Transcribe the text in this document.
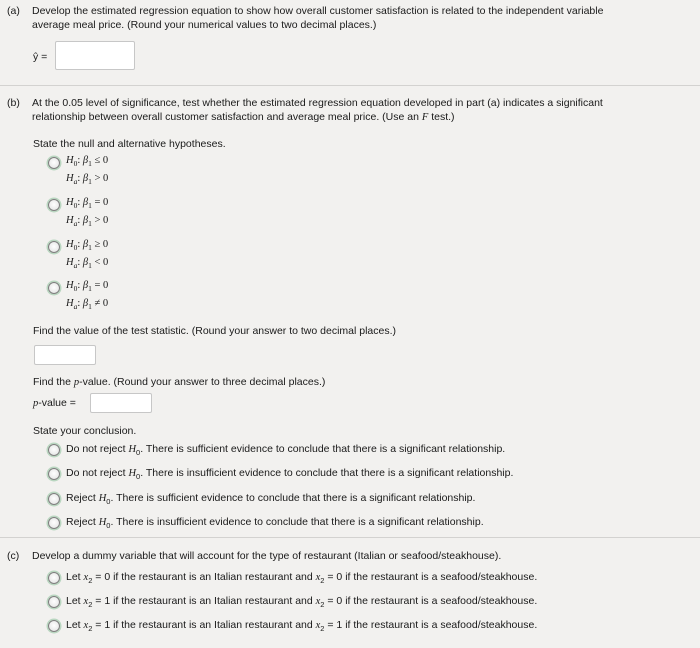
(a) Develop the estimated regression equation to show how overall customer satisfaction is related to the independent variable
average meal price. (Round your numerical values to two decimal places.)
ŷ =
(b) At the 0.05 level of significance, test whether the estimated regression equation developed in part (a) indicates a significant
relationship between overall customer satisfaction and average meal price. (Use an F test.)
State the null and alternative hypotheses.
$H_0$: $\beta_1 \le 0$
$H_a$: $\beta_1 > 0$
$H_0$: $\beta_1 = 0$
$H_a$: $\beta_1 > 0$
$H_0$: $\beta_1 \ge 0$
$H_a$: $\beta_1 < 0$
$H_0$: $\beta_1 = 0$
$H_a$: $\beta_1 \ne 0$
Find the value of the test statistic. (Round your answer to two decimal places.)
Find the p-value. (Round your answer to three decimal places.)
p-value =
State your conclusion.
Do not reject $H_0$. There is sufficient evidence to conclude that there is a significant relationship.
Do not reject $H_0$. There is insufficient evidence to conclude that there is a significant relationship.
Reject $H_0$. There is sufficient evidence to conclude that there is a significant relationship.
Reject $H_0$. There is insufficient evidence to conclude that there is a significant relationship.
(c) Develop a dummy variable that will account for the type of restaurant (Italian or seafood/steakhouse).
Let $x_2 = 0$ if the restaurant is an Italian restaurant and $x_2 = 0$ if the restaurant is a seafood/steakhouse.
Let $x_2 = 1$ if the restaurant is an Italian restaurant and $x_2 = 0$ if the restaurant is a seafood/steakhouse.
Let $x_2 = 1$ if the restaurant is an Italian restaurant and $x_2 = 1$ if the restaurant is a seafood/steakhouse.
